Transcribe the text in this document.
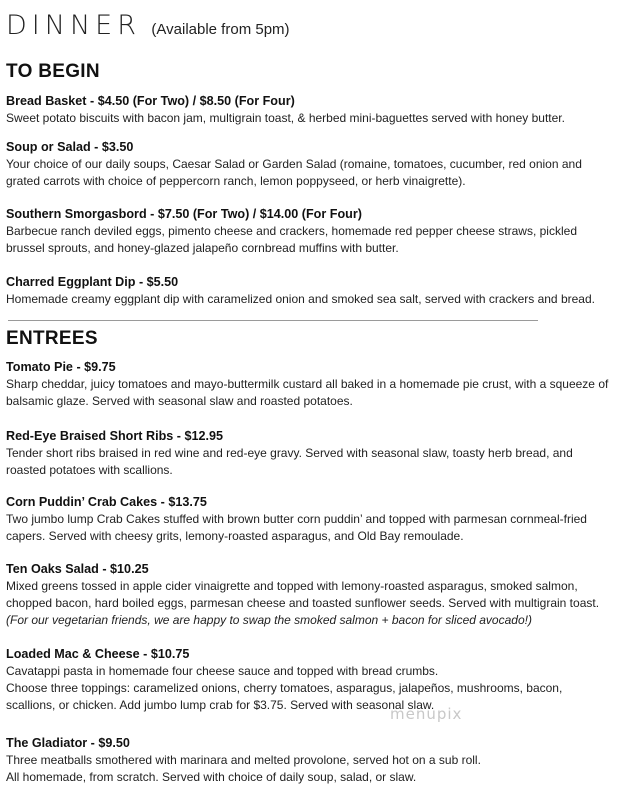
DINNER (Available from 5pm)
TO BEGIN
Bread Basket - $4.50 (For Two) / $8.50 (For Four)

Sweet potato biscuits with bacon jam, multigrain toast, & herbed mini-baguettes served with honey butter.

Soup or Salad - $3.50

Your choice of our daily soups, Caesar Salad or Garden Salad (romaine, tomatoes, cucumber, red onion and grated carrots with choice of peppercorn ranch, lemon poppyseed, or herb vinaigrette).

Southern Smorgasbord - $7.50 (For Two) / $14.00 (For Four)

Barbecue ranch deviled eggs, pimento cheese and crackers, homemade red pepper cheese straws, pickled brussel sprouts, and honey-glazed jalapeño cornbread muffins with butter.

Charred Eggplant Dip - $5.50

Homemade creamy eggplant dip with caramelized onion and smoked sea salt, served with crackers and bread.

ENTREES
Tomato Pie - $9.75

Sharp cheddar, juicy tomatoes and mayo-buttermilk custard all baked in a homemade pie crust, with a squeeze of balsamic glaze. Served with seasonal slaw and roasted potatoes.

Red-Eye Braised Short Ribs - $12.95

Tender short ribs braised in red wine and red-eye gravy. Served with seasonal slaw, toasty herb bread, and roasted potatoes with scallions.

Corn Puddin’ Crab Cakes - $13.75

Two jumbo lump Crab Cakes stuffed with brown butter corn puddin’ and topped with parmesan cornmeal-fried capers. Served with cheesy grits, lemony-roasted asparagus, and Old Bay remoulade.

Ten Oaks Salad - $10.25

Mixed greens tossed in apple cider vinaigrette and topped with lemony-roasted asparagus, smoked salmon, chopped bacon, hard boiled eggs, parmesan cheese and toasted sunflower seeds. Served with multigrain toast.

(For our vegetarian friends, we are happy to swap the smoked salmon + bacon for sliced avocado!)

Loaded Mac & Cheese - $10.75

Cavatappi pasta in homemade four cheese sauce and topped with bread crumbs.

Choose three toppings: caramelized onions, cherry tomatoes, asparagus, jalapeños, mushrooms, bacon, scallions, or chicken. Add jumbo lump crab for $3.75. Served with seasonal slaw.

The Gladiator - $9.50

Three meatballs smothered with marinara and melted provolone, served hot on a sub roll.

All homemade, from scratch. Served with choice of daily soup, salad, or slaw.

menupix
